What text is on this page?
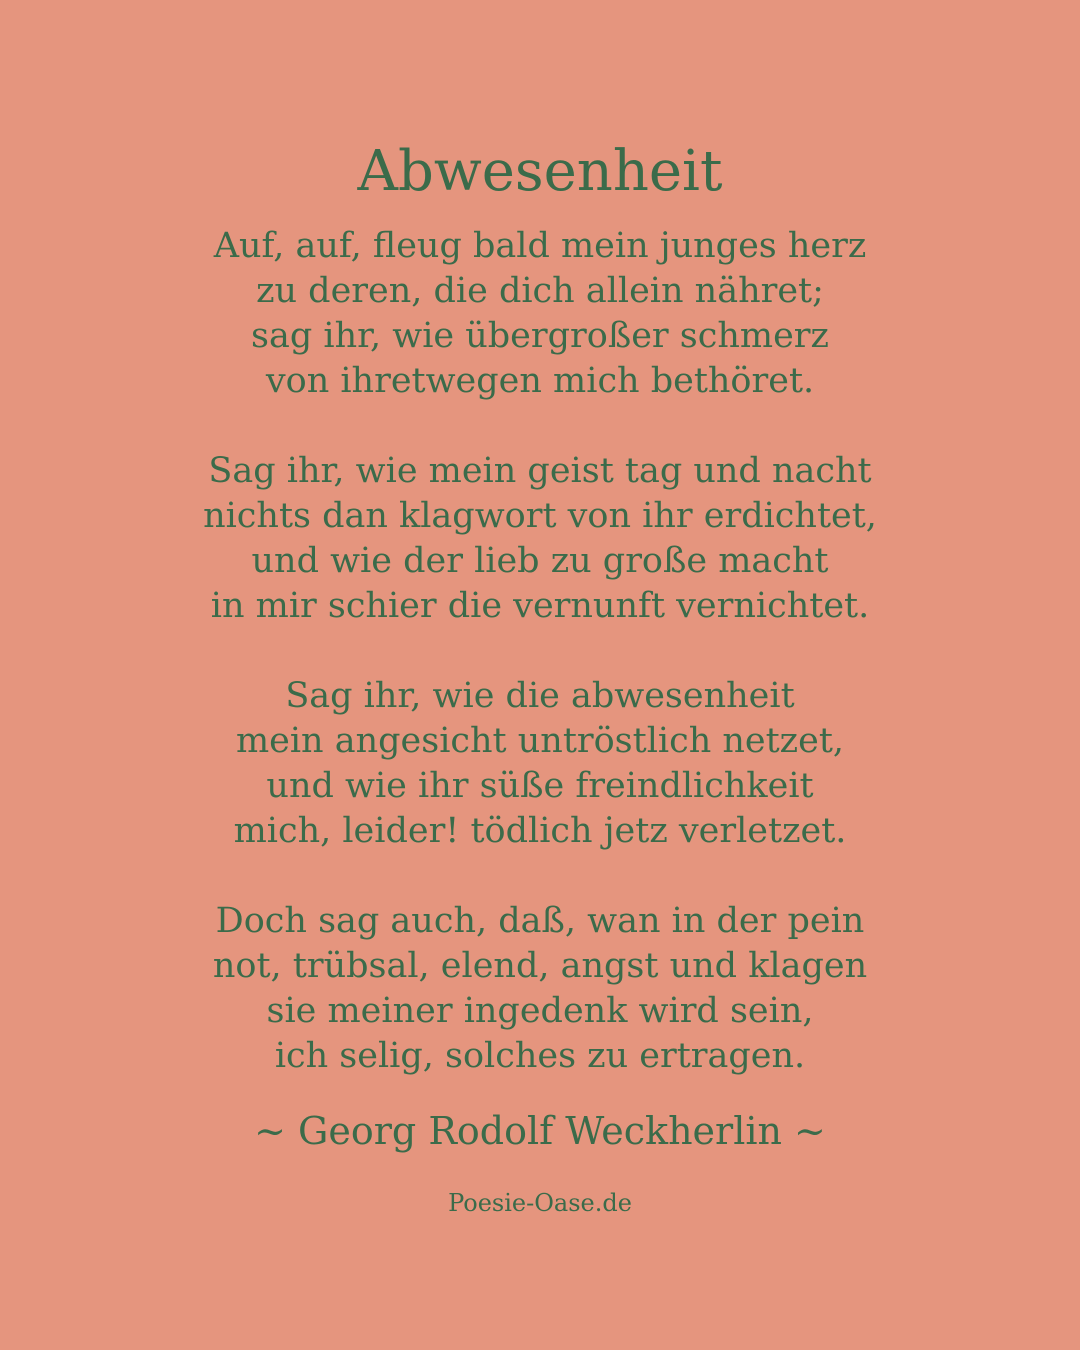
Abwesenheit
Auf, auf, fleug bald mein junges herz
zu deren, die dich allein nähret;
sag ihr, wie übergroßer schmerz
von ihretwegen mich bethöret.
Sag ihr, wie mein geist tag und nacht
nichts dan klagwort von ihr erdichtet,
und wie der lieb zu große macht
in mir schier die vernunft vernichtet.
Sag ihr, wie die abwesenheit
mein angesicht untröstlich netzet,
und wie ihr süße freindlichkeit
mich, leider! tödlich jetz verletzet.
Doch sag auch, daß, wan in der pein
not, trübsal, elend, angst und klagen
sie meiner ingedenk wird sein,
ich selig, solches zu ertragen.

~ Georg Rodolf Weckherlin ~

Poesie-Oase.de
